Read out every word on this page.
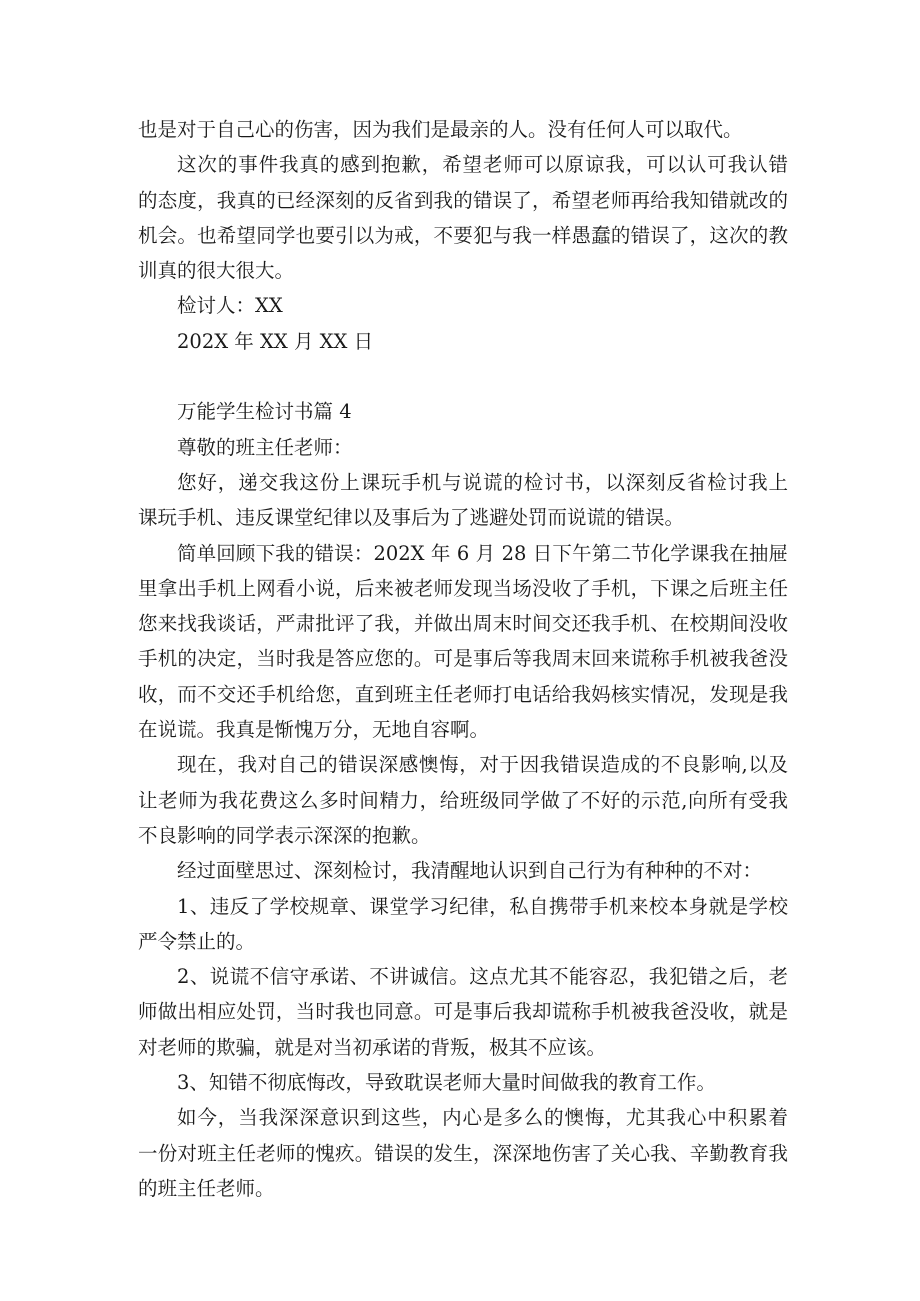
也是对于自己心的伤害，因为我们是最亲的人。没有任何人可以取代。
这次的事件我真的感到抱歉，希望老师可以原谅我，可以认可我认错
的态度，我真的已经深刻的反省到我的错误了，希望老师再给我知错就改的
机会。也希望同学也要引以为戒，不要犯与我一样愚蠢的错误了，这次的教
训真的很大很大。
检讨人：XX
202X 年 XX 月 XX 日
万能学生检讨书篇 4
尊敬的班主任老师：
您好，递交我这份上课玩手机与说谎的检讨书，以深刻反省检讨我上
课玩手机、违反课堂纪律以及事后为了逃避处罚而说谎的错误。
简单回顾下我的错误：202X 年 6 月 28 日下午第二节化学课我在抽屉
里拿出手机上网看小说，后来被老师发现当场没收了手机，下课之后班主任
您来找我谈话，严肃批评了我，并做出周末时间交还我手机、在校期间没收
手机的决定，当时我是答应您的。可是事后等我周末回来谎称手机被我爸没
收，而不交还手机给您，直到班主任老师打电话给我妈核实情况，发现是我
在说谎。我真是惭愧万分，无地自容啊。
现在，我对自己的错误深感懊悔，对于因我错误造成的不良影响,以及
让老师为我花费这么多时间精力，给班级同学做了不好的示范,向所有受我
不良影响的同学表示深深的抱歉。
经过面壁思过、深刻检讨，我清醒地认识到自己行为有种种的不对：
1、违反了学校规章、课堂学习纪律，私自携带手机来校本身就是学校
严令禁止的。
2、说谎不信守承诺、不讲诚信。这点尤其不能容忍，我犯错之后，老
师做出相应处罚，当时我也同意。可是事后我却谎称手机被我爸没收，就是
对老师的欺骗，就是对当初承诺的背叛，极其不应该。
3、知错不彻底悔改，导致耽误老师大量时间做我的教育工作。
如今，当我深深意识到这些，内心是多么的懊悔，尤其我心中积累着
一份对班主任老师的愧疚。错误的发生，深深地伤害了关心我、辛勤教育我
的班主任老师。
